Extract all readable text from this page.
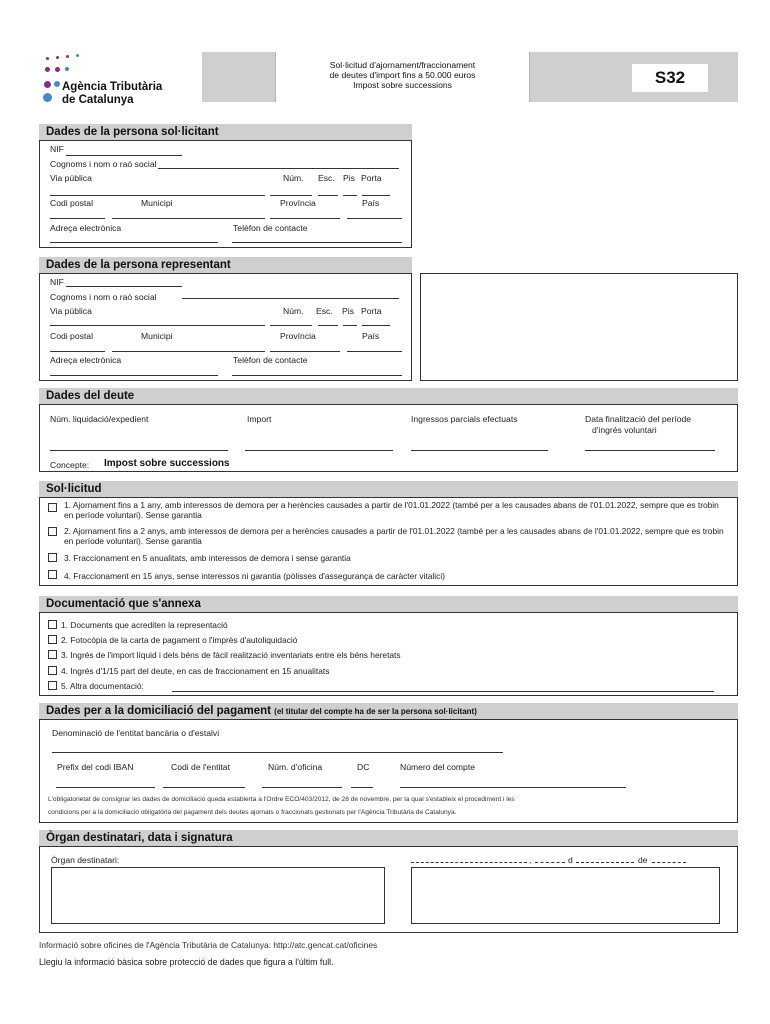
Agència Tributària
de Catalunya
Sol·licitud d'ajornament/fraccionament
de deutes d'import fins a 50.000 euros
Impost sobre successions	S32
Dades de la persona sol·licitant
NIF
Cognoms i nom o raó social
Via pública	Núm. Esc. Pis Porta
Codi postal	Municipi	Província	País
Adreça electrònica	Telèfon de contacte
Dades de la persona representant
NIF
Cognoms i nom o raó social
Via pública	Núm. Esc. Pis Porta
Codi postal	Municipi	Província	País
Adreça electrònica	Telèfon de contacte
Dades del deute
Núm. liquidació/expedient	Import	Ingressos parcials efectuats	Data finalització del període
d'ingrés voluntari
Concepte: Impost sobre successions
Sol·licitud
1. Ajornament fins a 1 any, amb interessos de demora per a herències causades a partir de l'01.01.2022 (també per a les causades abans de l'01.01.2022, sempre que es trobin en període voluntari). Sense garantia
2. Ajornament fins a 2 anys, amb interessos de demora per a herències causades a partir de l'01.01.2022 (també per a les causades abans de l'01.01.2022, sempre que es trobin en període voluntari). Sense garantia
3. Fraccionament en 5 anualitats, amb interessos de demora i sense garantia
4. Fraccionament en 15 anys, sense interessos ni garantia (pòlisses d'assegurança de caràcter vitalici)
Documentació que s'annexa
1. Documents que acrediten la representació
2. Fotocòpia de la carta de pagament o l'imprès d'autoliquidació
3. Ingrés de l'import líquid i dels béns de fàcil realització inventariats entre els béns heretats
4. Ingrés d'1/15 part del deute, en cas de fraccionament en 15 anualitats
5. Altra documentació:
Dades per a la domiciliació del pagament (el titular del compte ha de ser la persona sol·licitant)
Denominació de l'entitat bancària o d'estalvi
Prefix del codi IBAN	Codi de l'entitat	Núm. d'oficina	DC	Número del compte
L'obligatorietat de consignar les dades de domiciliació queda establerta a l'Ordre ECO/403/2012, de 28 de novembre, per la qual s'estableix el procediment i les
condicions per a la domiciliació obligatòria del pagament dels deutes ajornats o fraccionats gestionats per l'Agència Tributària de Catalunya.
Òrgan destinatari, data i signatura
Òrgan destinatari:	,	d	de
Informació sobre oficines de l'Agència Tributària de Catalunya: http://atc.gencat.cat/oficines
Llegiu la informació bàsica sobre protecció de dades que figura a l'últim full.
